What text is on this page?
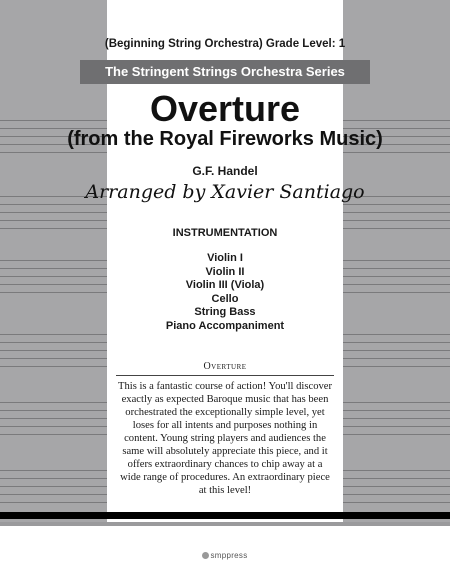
(Beginning String Orchestra) Grade Level: 1
The Stringent Strings Orchestra Series
Overture
(from the Royal Fireworks Music)
G.F. Handel
Arranged by Xavier Santiago
INSTRUMENTATION
Violin I
Violin II
Violin III (Viola)
Cello
String Bass
Piano Accompaniment
Overture
This is a fantastic course of action! You'll discover exactly as expected Baroque music that has been orchestrated the exceptionally simple level, yet loses for all intents and purposes nothing in content. Young string players and audiences the same will absolutely appreciate this piece, and it offers extraordinary chances to chip away at a wide range of procedures. An extraordinary piece at this level!
smppress
